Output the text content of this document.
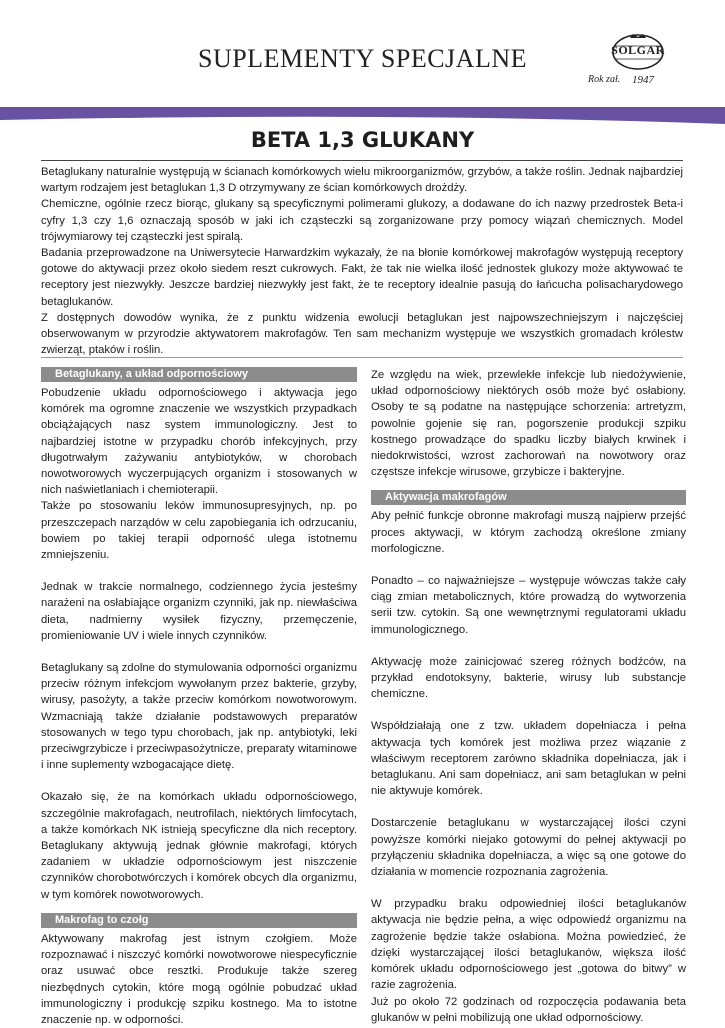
SUPLEMENTY SPECJALNE	SOLGAR
Rok zał. 1947
BETA 1,3 GLUKANY

Betaglukany naturalnie występują w ścianach komórkowych wielu mikroorganizmów, grzybów, a także roślin. Jednak najbardziej wartym rodzajem jest betaglukan 1,3 D otrzymywany ze ścian komórkowych drożdży.

Chemiczne, ogólnie rzecz biorąc, glukany są specyficznymi polimerami glukozy, a dodawane do ich nazwy przedrostek Beta-i cyfry 1,3 czy 1,6 oznaczają sposób w jaki ich cząsteczki są zorganizowane przy pomocy wiązań chemicznych. Model trójwymiarowy tej cząsteczki jest spiralą.

Badania przeprowadzone na Uniwersytecie Harwardzkim wykazały, że na błonie komórkowej makrofagów występują receptory gotowe do aktywacji przez około siedem reszt cukrowych. Fakt, że tak nie wielka ilość jednostek glukozy może aktywować te receptory jest niezwykły. Jeszcze bardziej niezwykły jest fakt, że te receptory idealnie pasują do łańcucha polisacharydowego betaglukanów.

Z dostępnych dowodów wynika, że z punktu widzenia ewolucji betaglukan jest najpowszechniejszym i najczęściej obserwowanym w przyrodzie aktywatorem makrofagów. Ten sam mechanizm występuje we wszystkich gromadach królestw zwierząt, ptaków i roślin.

Betaglukany, a układ odpornościowy

Pobudzenie układu odpornościowego i aktywacja jego komórek ma ogromne znaczenie we wszystkich przypadkach obciążających nasz system immunologiczny. Jest to najbardziej istotne w przypadku chorób infekcyjnych, przy długotrwałym zażywaniu antybiotyków, w chorobach nowotworowych wyczerpujących organizm i stosowanych w nich naświetlaniach i chemioterapii.

Także po stosowaniu leków immunosupresyjnych, np. po przeszczepach narządów w celu zapobiegania ich odrzucaniu, bowiem po takiej terapii odporność ulega istotnemu zmniejszeniu.

Jednak w trakcie normalnego, codziennego życia jesteśmy narażeni na osłabiające organizm czynniki, jak np. niewłaściwa dieta, nadmierny wysiłek fizyczny, przemęczenie, promieniowanie UV i wiele innych czynników.

Betaglukany są zdolne do stymulowania odporności organizmu przeciw różnym infekcjom wywołanym przez bakterie, grzyby, wirusy, pasożyty, a także przeciw komórkom nowotworowym. Wzmacniają także działanie podstawowych preparatów stosowanych w tego typu chorobach, jak np. antybiotyki, leki przeciwgrzybicze i przeciwpasożytnicze, preparaty witaminowe i inne suplementy wzbogacające dietę.

Okazało się, że na komórkach układu odpornościowego, szczególnie makrofagach, neutrofilach, niektórych limfocytach, a także komórkach NK istnieją specyficzne dla nich receptory. Betaglukany aktywują jednak głównie makrofagi, których zadaniem w układzie odpornościowym jest niszczenie czynników chorobotwórczych i komórek obcych dla organizmu, w tym komórek nowotworowych.

Makrofag to czołg

Aktywowany makrofag jest istnym czołgiem. Może rozpoznawać i niszczyć komórki nowotworowe niespecyficznie oraz usuwać obce resztki. Produkuje także szereg niezbędnych cytokin, które mogą ogólnie pobudzać układ immunologiczny i produkcję szpiku kostnego. Ma to istotne znaczenie np. w odporności.

Ze względu na wiek, przewlekłe infekcje lub niedożywienie, układ odpornościowy niektórych osób może być osłabiony. Osoby te są podatne na następujące schorzenia: artretyzm, powolnie gojenie się ran, pogorszenie produkcji szpiku kostnego prowadzące do spadku liczby białych krwinek i niedokrwistości, wzrost zachorowań na nowotwory oraz częstsze infekcje wirusowe, grzybicze i bakteryjne.

Aktywacja makrofagów

Aby pełnić funkcje obronne makrofagi muszą najpierw przejść proces aktywacji, w którym zachodzą określone zmiany morfologiczne.

Ponadto – co najważniejsze – występuje wówczas także cały ciąg zmian metabolicznych, które prowadzą do wytworzenia serii tzw. cytokin. Są one wewnętrznymi regulatorami układu immunologicznego.

Aktywację może zainicjować szereg różnych bodźców, na przykład endotoksyny, bakterie, wirusy lub substancje chemiczne.

Współdziałają one z tzw. układem dopełniacza i pełna aktywacja tych komórek jest możliwa przez wiązanie z właściwym receptorem zarówno składnika dopełniacza, jak i betaglukanu. Ani sam dopełniacz, ani sam betaglukan w pełni nie aktywuje komórek.

Dostarczenie betaglukanu w wystarczającej ilości czyni powyższe komórki niejako gotowymi do pełnej aktywacji po przyłączeniu składnika dopełniacza, a więc są one gotowe do działania w momencie rozpoznania zagrożenia.

W przypadku braku odpowiedniej ilości betaglukanów aktywacja nie będzie pełna, a więc odpowiedź organizmu na zagrożenie będzie także osłabiona. Można powiedzieć, że dzięki wystarczającej ilości betaglukanów, większa ilość komórek układu odpornościowego jest „gotowa do bitwy” w razie zagrożenia.

Już po około 72 godzinach od rozpoczęcia podawania beta glukanów w pełni mobilizują one układ odpornościowy.
